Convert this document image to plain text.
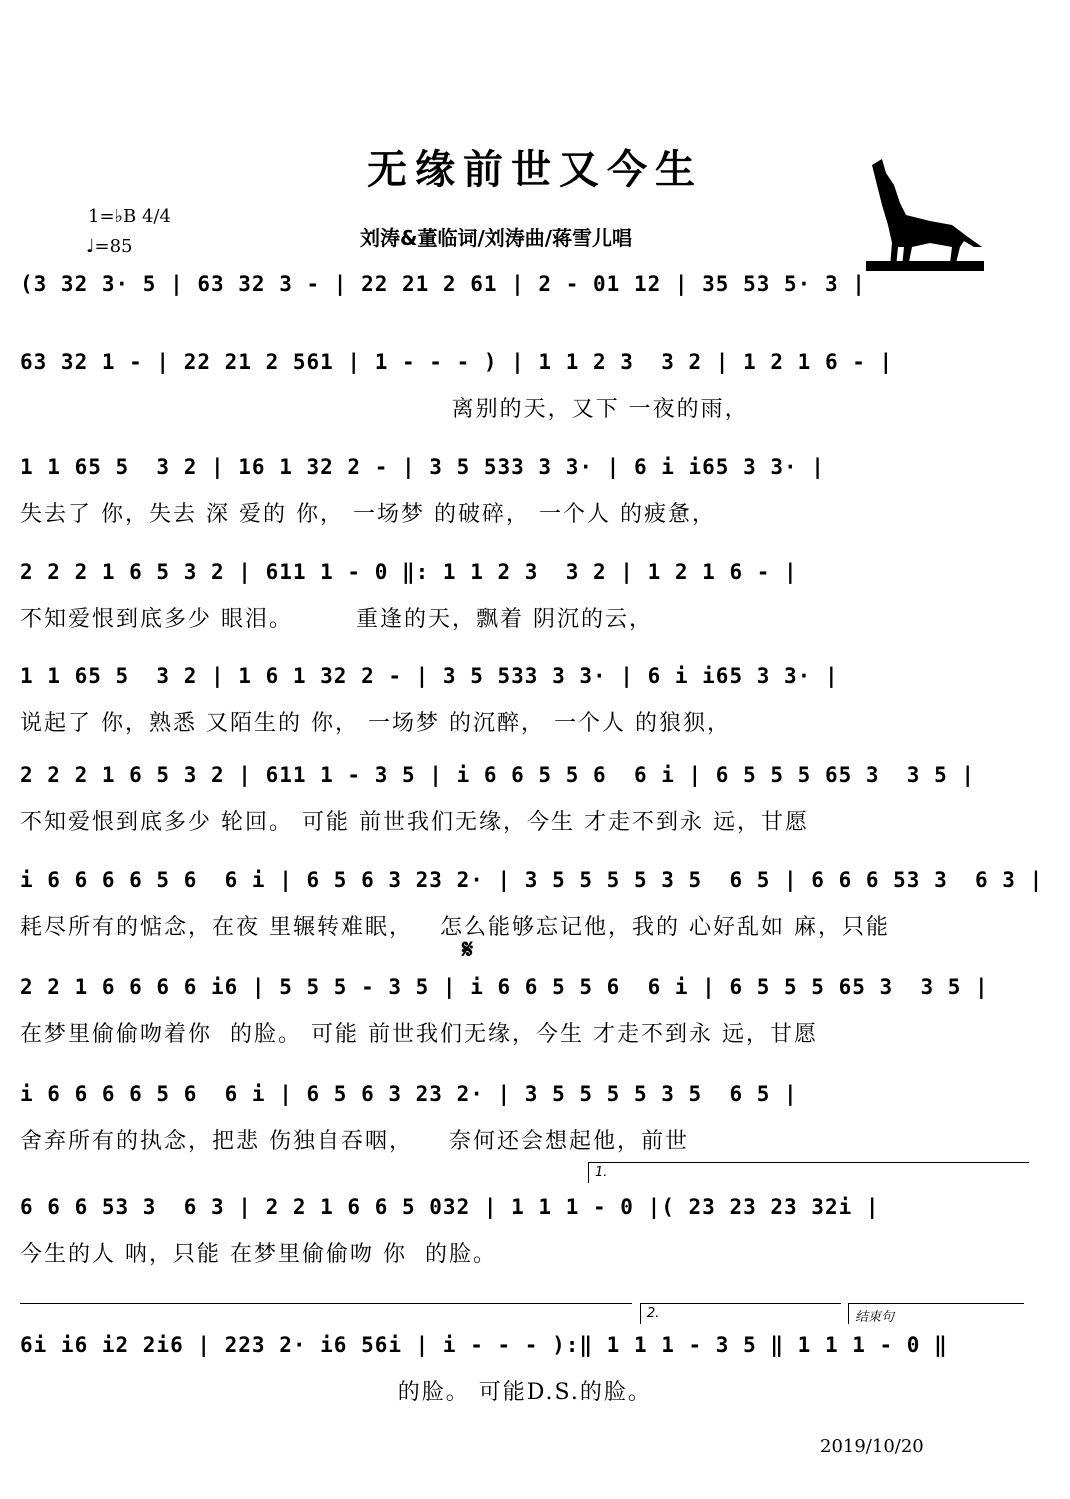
无缘前世又今生
1=♭B 4/4
♩=85	刘涛&董临词/刘涛曲/蒋雪儿唱

(3 32 3· 5 | 63 32 3 - | 22 21 2 61 | 2 - 01 12 | 35 53 5· 3 |

63 32 1 - | 22 21 2 561 | 1 - - - ) | 1 1 2 3  3 2 | 1 2 1 6 - |

离别的天，又下 一夜的雨，

1 1 65 5  3 2 | 16 1 32 2 - | 3 5 533 3 3· | 6 i i65 3 3· |

失去了 你，失去 深 爱的 你， 一场梦 的破碎， 一个人 的疲惫，

2 2 2 1 6 5 3 2 | 611 1 - 0 ‖: 1 1 2 3  3 2 | 1 2 1 6 - |

不知爱恨到底多少 眼泪。       重逢的天，飘着 阴沉的云，

1 1 65 5  3 2 | 1 6 1 32 2 - | 3 5 533 3 3· | 6 i i65 3 3· |

说起了 你，熟悉 又陌生的 你， 一场梦 的沉醉， 一个人 的狼狈，

2 2 2 1 6 5 3 2 | 611 1 - 3 5 | i 6 6 5 5 6  6 i | 6 5 5 5 65 3  3 5 |

不知爱恨到底多少 轮回。 可能 前世我们无缘，今生 才走不到永 远，甘愿

i 6 6 6 6 5 6  6 i | 6 5 6 3 23 2· | 3 5 5 5 5 3 5  6 5 | 6 6 6 53 3  6 3 |

耗尽所有的惦念，在夜 里辗转难眠，   怎么能够忘记他，我的 心好乱如 麻，只能

𝄋

2 2 1 6 6 6 6 i6 | 5 5 5 - 3 5 | i 6 6 5 5 6  6 i | 6 5 5 5 65 3  3 5 |

在梦里偷偷吻着你  的脸。 可能 前世我们无缘，今生 才走不到永 远，甘愿

i 6 6 6 6 5 6  6 i | 6 5 6 3 23 2· | 3 5 5 5 5 3 5  6 5 |

舍弃所有的执念，把悲 伤独自吞咽，    奈何还会想起他，前世

1.

6 6 6 53 3  6 3 | 2 2 1 6 6 5 032 | 1 1 1 - 0 |( 23 23 23 32i |

今生的人 呐，只能 在梦里偷偷吻 你  的脸。

2.	结束句

6i i6 i2 2i6 | 223 2· i6 56i | i - - - ):‖ 1 1 1 - 3 5 ‖ 1 1 1 - 0 ‖

的脸。 可能D.S.的脸。

2019/10/20
